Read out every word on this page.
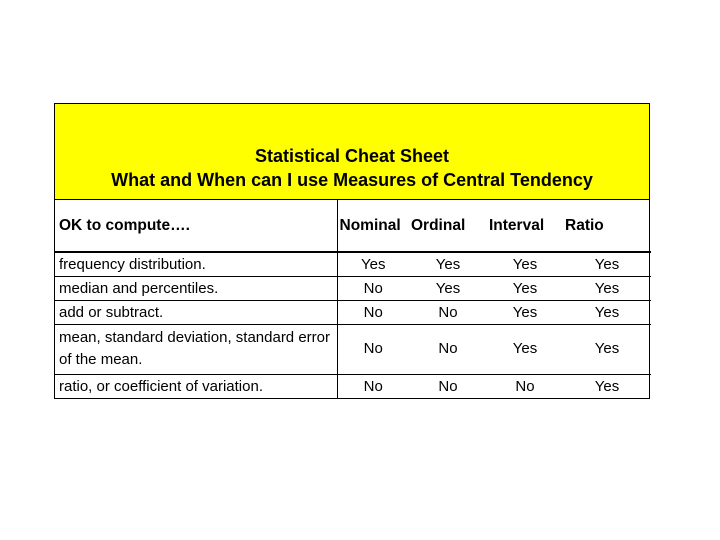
Statistical Cheat Sheet
What and When can I use Measures of Central Tendency
OK to compute….	Nominal	Ordinal	Interval	Ratio
frequency distribution.	Yes	Yes	Yes	Yes
median and percentiles.	No	Yes	Yes	Yes
add or subtract.	No	No	Yes	Yes
mean, standard deviation, standard error of the mean.	No	No	Yes	Yes
ratio, or coefficient of variation.	No	No	No	Yes
